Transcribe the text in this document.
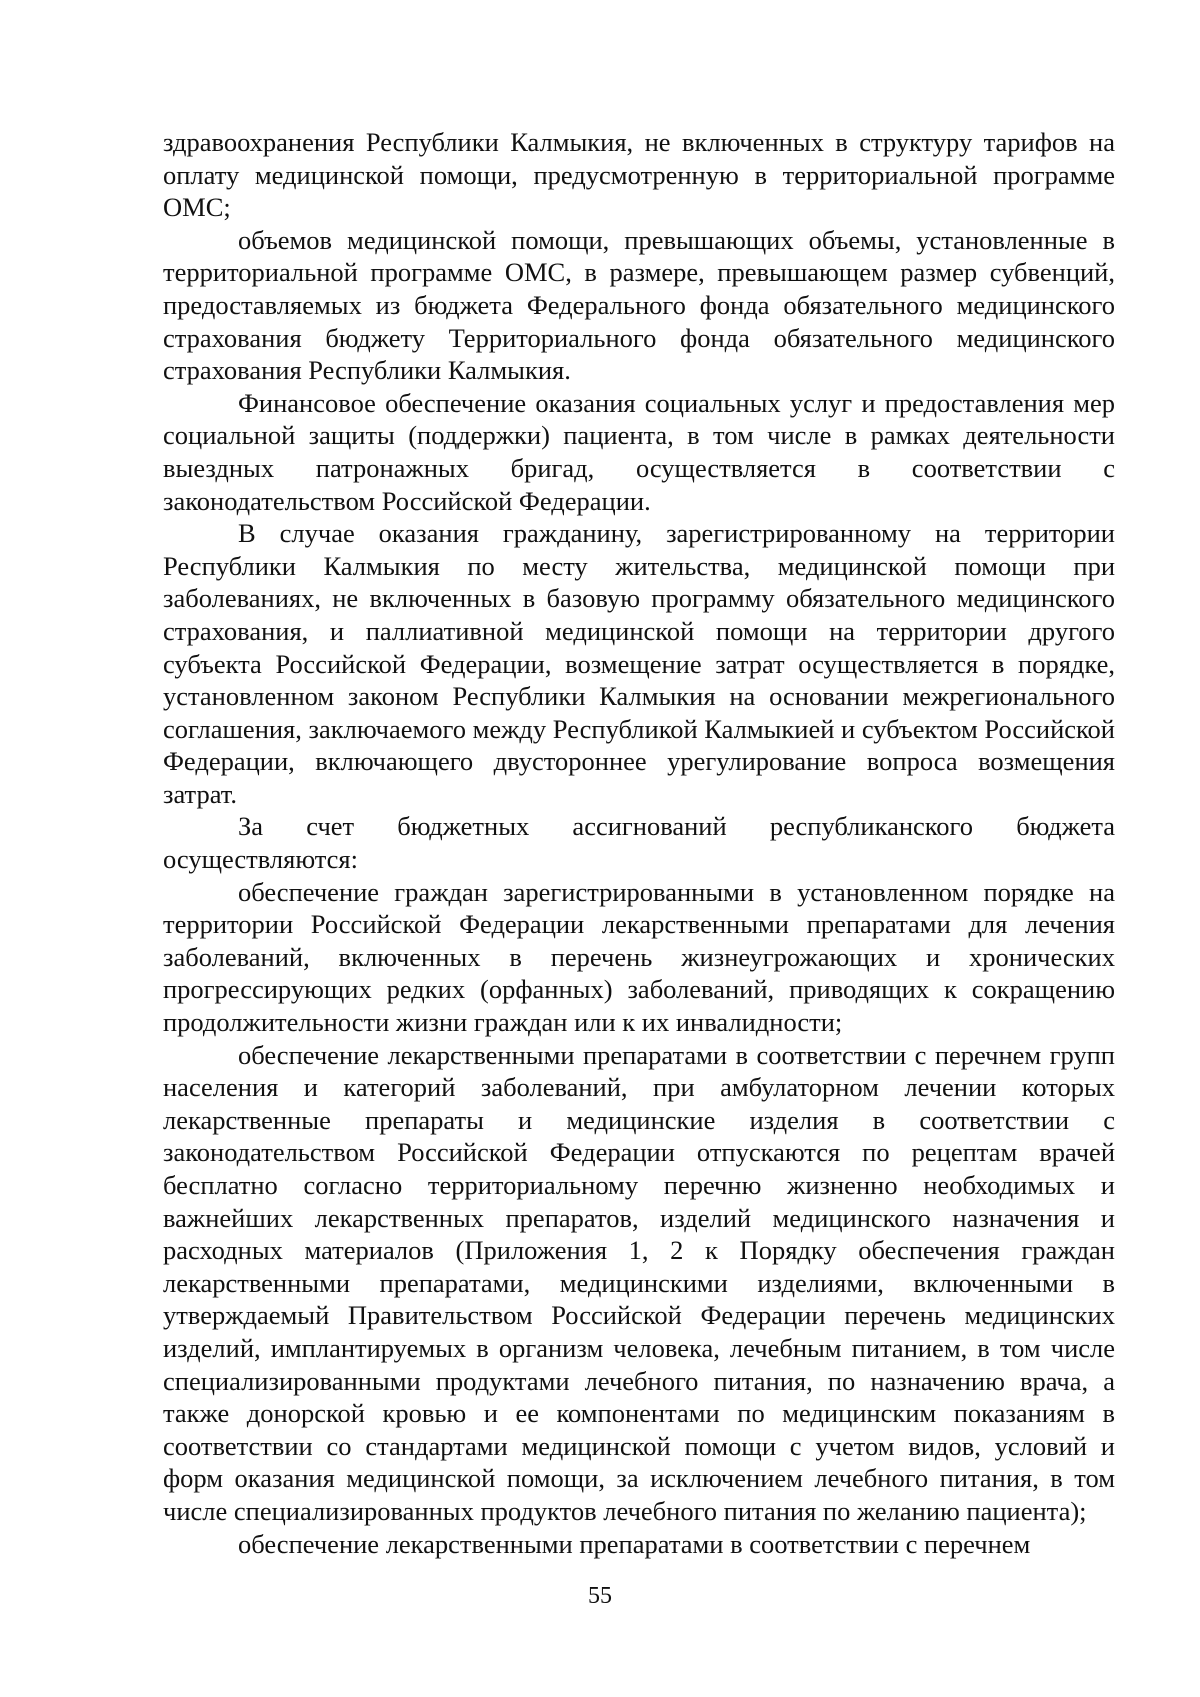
здравоохранения Республики Калмыкия, не включенных в структуру тарифов на оплату медицинской помощи, предусмотренную в территориальной программе ОМС;

объемов медицинской помощи, превышающих объемы, установленные в территориальной программе ОМС, в размере, превышающем размер субвенций, предоставляемых из бюджета Федерального фонда обязательного медицинского страхования бюджету Территориального фонда обязательного медицинского страхования Республики Калмыкия.

Финансовое обеспечение оказания социальных услуг и предоставления мер социальной защиты (поддержки) пациента, в том числе в рамках деятельности выездных патронажных бригад, осуществляется в соответствии с законодательством Российской Федерации.

В случае оказания гражданину, зарегистрированному на территории Республики Калмыкия по месту жительства, медицинской помощи при заболеваниях, не включенных в базовую программу обязательного медицинского страхования, и паллиативной медицинской помощи на территории другого субъекта Российской Федерации, возмещение затрат осуществляется в порядке, установленном законом Республики Калмыкия на основании межрегионального соглашения, заключаемого между Республикой Калмыкией и субъектом Российской Федерации, включающего двустороннее урегулирование вопроса возмещения затрат.

За счет бюджетных ассигнований республиканского бюджета осуществляются:

обеспечение граждан зарегистрированными в установленном порядке на территории Российской Федерации лекарственными препаратами для лечения заболеваний, включенных в перечень жизнеугрожающих и хронических прогрессирующих редких (орфанных) заболеваний, приводящих к сокращению продолжительности жизни граждан или к их инвалидности;

обеспечение лекарственными препаратами в соответствии с перечнем групп населения и категорий заболеваний, при амбулаторном лечении которых лекарственные препараты и медицинские изделия в соответствии с законодательством Российской Федерации отпускаются по рецептам врачей бесплатно согласно территориальному перечню жизненно необходимых и важнейших лекарственных препаратов, изделий медицинского назначения и расходных материалов (Приложения 1, 2 к Порядку обеспечения граждан лекарственными препаратами, медицинскими изделиями, включенными в утверждаемый Правительством Российской Федерации перечень медицинских изделий, имплантируемых в организм человека, лечебным питанием, в том числе специализированными продуктами лечебного питания, по назначению врача, а также донорской кровью и ее компонентами по медицинским показаниям в соответствии со стандартами медицинской помощи с учетом видов, условий и форм оказания медицинской помощи, за исключением лечебного питания, в том числе специализированных продуктов лечебного питания по желанию пациента);

обеспечение лекарственными препаратами в соответствии с перечнем

55
